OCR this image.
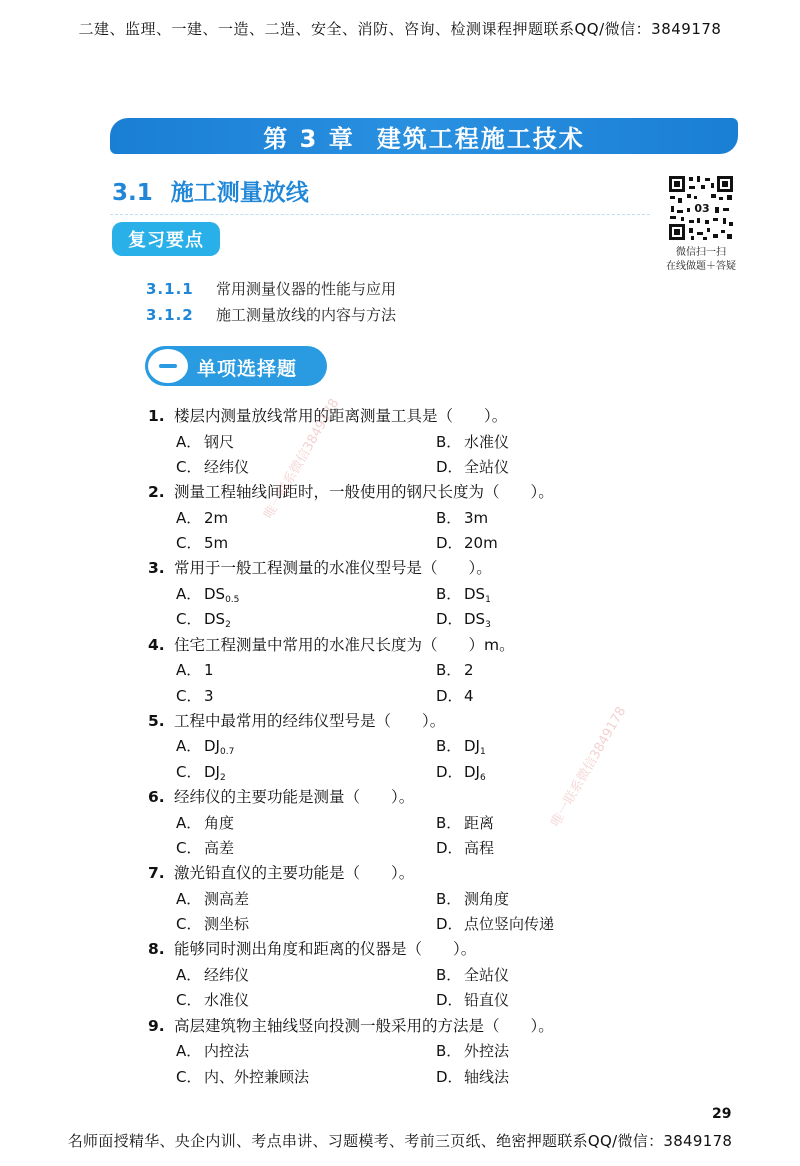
二建、监理、一建、一造、二造、安全、消防、咨询、检测课程押题联系QQ/微信：3849178
第 3 章 建筑工程施工技术
3.1 施工测量放线
复习要点
3.1.1 常用测量仪器的性能与应用
3.1.2 施工测量放线的内容与方法
03
微信扫一扫
在线做题＋答疑
单项选择题
1. 楼层内测量放线常用的距离测量工具是（　　）。
A． 钢尺	B． 水准仪
C． 经纬仪	D．全站仪
2. 测量工程轴线间距时，一般使用的钢尺长度为（　　）。
A． 2m	B． 3m
C． 5m	D．20m
3. 常用于一般工程测量的水准仪型号是（　　）。
A． $DS_{0.5}$	B． $DS_1$
C． $DS_2$	D．$DS_3$
4. 住宅工程测量中常用的水准尺长度为（　　）m。
A． 1	B． 2
C． 3	D．4
5. 工程中最常用的经纬仪型号是（　　）。
A． $DJ_{0.7}$	B． $DJ_1$
C． $DJ_2$	D．$DJ_6$
6. 经纬仪的主要功能是测量（　　）。
A． 角度	B． 距离
C． 高差	D．高程
7. 激光铅直仪的主要功能是（　　）。
A． 测高差	B． 测角度
C． 测坐标	D．点位竖向传递
8. 能够同时测出角度和距离的仪器是（　　）。
A． 经纬仪	B． 全站仪
C． 水准仪	D．铅直仪
9. 高层建筑物主轴线竖向投测一般采用的方法是（　　）。
A． 内控法	B． 外控法
C． 内、外控兼顾法	D．轴线法
唯一联系微信3849178
唯一联系微信3849178
29
名师面授精华、央企内训、考点串讲、习题模考、考前三页纸、绝密押题联系QQ/微信：3849178
